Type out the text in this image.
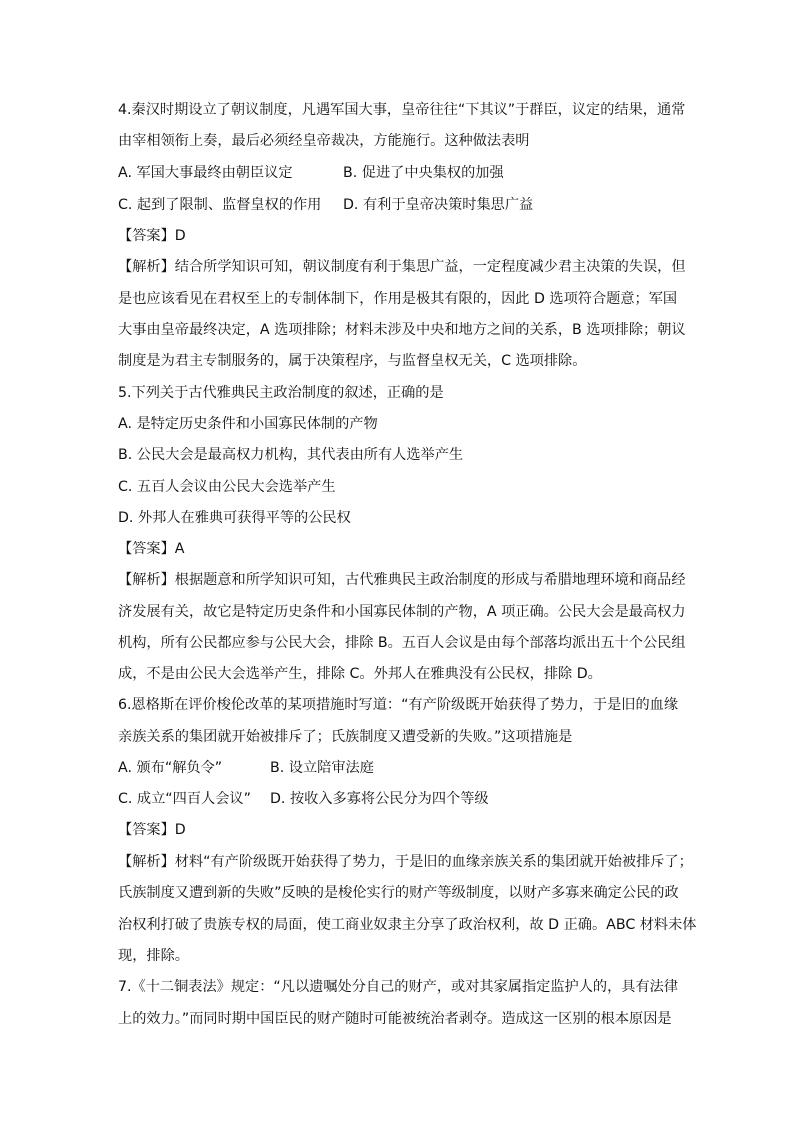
4.秦汉时期设立了朝议制度，凡遇军国大事，皇帝往往“下其议”于群臣，议定的结果，通常
由宰相领衔上奏，最后必须经皇帝裁决，方能施行。这种做法表明
A. 军国大事最终由朝臣议定	B. 促进了中央集权的加强
C. 起到了限制、监督皇权的作用 D. 有利于皇帝决策时集思广益
【答案】D
【解析】结合所学知识可知，朝议制度有利于集思广益，一定程度减少君主决策的失误，但
是也应该看见在君权至上的专制体制下，作用是极其有限的，因此 D 选项符合题意；军国
大事由皇帝最终决定，A 选项排除；材料未涉及中央和地方之间的关系，B 选项排除；朝议
制度是为君主专制服务的，属于决策程序，与监督皇权无关，C 选项排除。
5.下列关于古代雅典民主政治制度的叙述，正确的是
A. 是特定历史条件和小国寡民体制的产物
B. 公民大会是最高权力机构，其代表由所有人选举产生
C. 五百人会议由公民大会选举产生
D. 外邦人在雅典可获得平等的公民权
【答案】A
【解析】根据题意和所学知识可知，古代雅典民主政治制度的形成与希腊地理环境和商品经
济发展有关，故它是特定历史条件和小国寡民体制的产物，A 项正确。公民大会是最高权力
机构，所有公民都应参与公民大会，排除 B。五百人会议是由每个部落均派出五十个公民组
成，不是由公民大会选举产生，排除 C。外邦人在雅典没有公民权，排除 D。
6.恩格斯在评价梭伦改革的某项措施时写道：“有产阶级既开始获得了势力，于是旧的血缘
亲族关系的集团就开始被排斥了；氏族制度又遭受新的失败。”这项措施是
A. 颁布“解负令”	B. 设立陪审法庭
C. 成立“四百人会议” D. 按收入多寡将公民分为四个等级
【答案】D
【解析】材料“有产阶级既开始获得了势力，于是旧的血缘亲族关系的集团就开始被排斥了；
氏族制度又遭到新的失败”反映的是梭伦实行的财产等级制度，以财产多寡来确定公民的政
治权利打破了贵族专权的局面，使工商业奴隶主分享了政治权利，故 D 正确。ABC 材料未体
现，排除。
7.《十二铜表法》规定：“凡以遗嘱处分自己的财产，或对其家属指定监护人的，具有法律
上的效力。”而同时期中国臣民的财产随时可能被统治者剥夺。造成这一区别的根本原因是
